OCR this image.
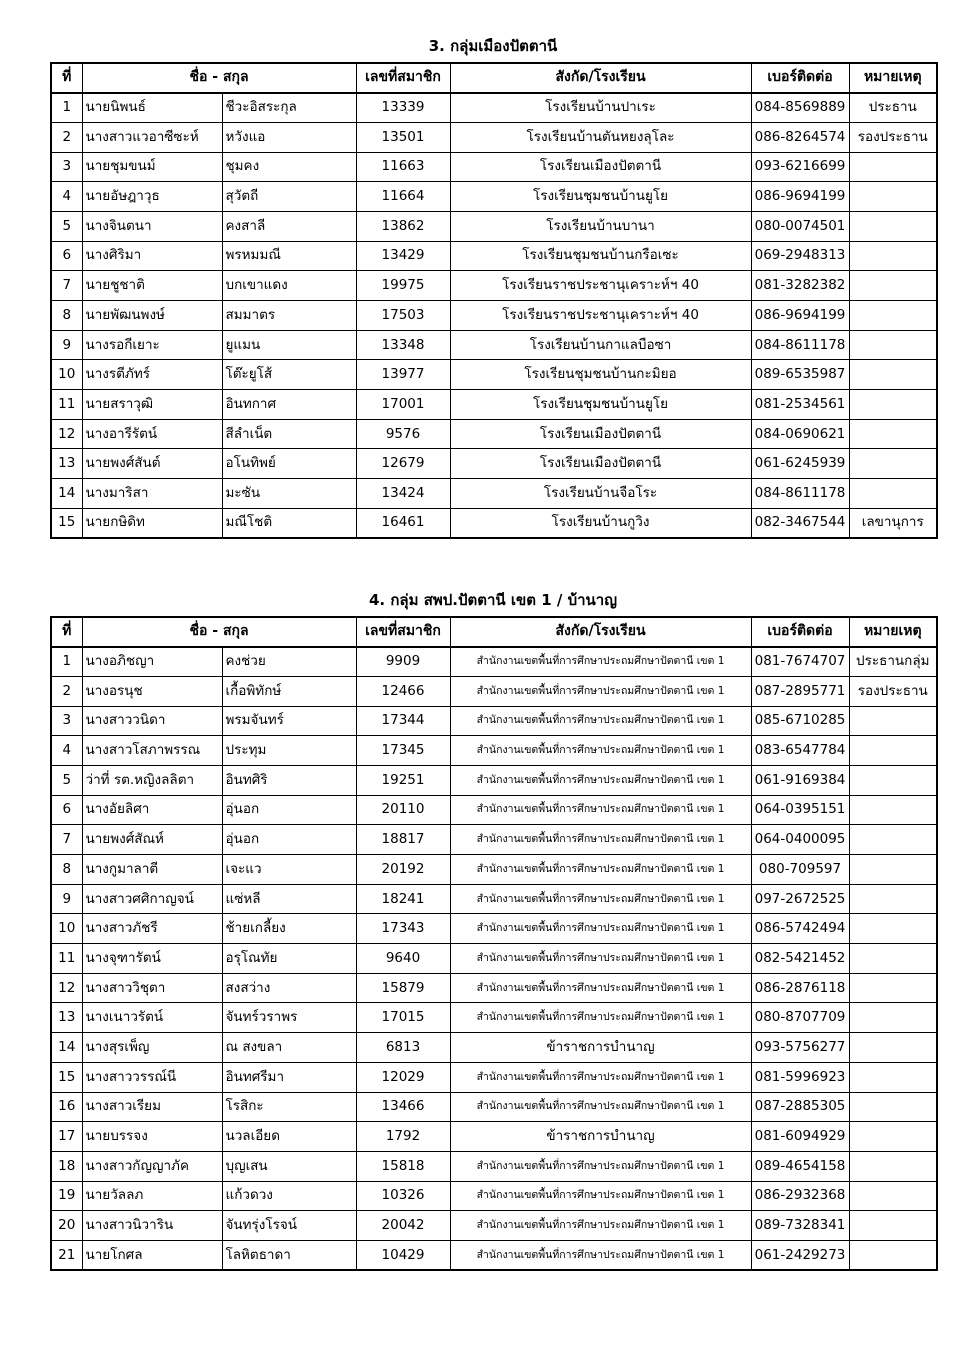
3. กลุ่มเมืองปัตตานี
ที่	ชื่อ - สกุล		เลขที่สมาชิก	สังกัด/โรงเรียน	เบอร์ติดต่อ	หมายเหตุ
1	นายนิพนธ์	ชีวะอิสระกุล	13339	โรงเรียนบ้านปาเระ	084-8569889	ประธาน
2	นางสาวแวอาซีซะห์	หวังแอ	13501	โรงเรียนบ้านตันหยงลุโละ	086-8264574	รองประธาน
3	นายชุมขนม์	ชุมคง	11663	โรงเรียนเมืองปัตตานี	093-6216699	
4	นายอัษฎาวุธ	สุวัตถี	11664	โรงเรียนชุมชนบ้านยูโย	086-9694199	
5	นางจินตนา	คงสาลี	13862	โรงเรียนบ้านบานา	080-0074501	
6	นางศิริมา	พรหมมณี	13429	โรงเรียนชุมชนบ้านกรือเซะ	069-2948313	
7	นายชูชาติ	บกเขาแดง	19975	โรงเรียนราชประชานุเคราะห์ฯ 40	081-3282382	
8	นายพัฒนพงษ์	สมมาตร	17503	โรงเรียนราชประชานุเคราะห์ฯ 40	086-9694199	
9	นางรอกีเยาะ	ยูแมน	13348	โรงเรียนบ้านกาแลบือซา	084-8611178	
10	นางรตีภัทร์	โต๊ะยูโส้	13977	โรงเรียนชุมชนบ้านกะมิยอ	089-6535987	
11	นายสราวุฒิ	อินทกาศ	17001	โรงเรียนชุมชนบ้านยูโย	081-2534561	
12	นางอารีรัตน์	สีลำเน็ต	9576	โรงเรียนเมืองปัตตานี	084-0690621	
13	นายพงศ์สันต์	อโนทิพย์	12679	โรงเรียนเมืองปัตตานี	061-6245939	
14	นางมาริสา	มะซัน	13424	โรงเรียนบ้านจือโระ	084-8611178	
15	นายกษิดิท	มณีโชติ	16461	โรงเรียนบ้านกูวิง	082-3467544	เลขานุการ
4. กลุ่ม สพป.ปัตตานี เขต 1 / บ้านาญ
ที่	ชื่อ - สกุล		เลขที่สมาชิก	สังกัด/โรงเรียน	เบอร์ติดต่อ	หมายเหตุ
1	นางอภิชญา	คงช่วย	9909	สำนักงานเขตพื้นที่การศึกษาประถมศึกษาปัตตานี เขต 1	081-7674707	ประธานกลุ่ม
2	นางอรนุช	เกื้อพิทักษ์	12466	สำนักงานเขตพื้นที่การศึกษาประถมศึกษาปัตตานี เขต 1	087-2895771	รองประธาน
3	นางสาววนิดา	พรมจันทร์	17344	สำนักงานเขตพื้นที่การศึกษาประถมศึกษาปัตตานี เขต 1	085-6710285	
4	นางสาวโสภาพรรณ	ประทุม	17345	สำนักงานเขตพื้นที่การศึกษาประถมศึกษาปัตตานี เขต 1	083-6547784	
5	ว่าที่ รต.หญิงลลิตา	อินทศิริ	19251	สำนักงานเขตพื้นที่การศึกษาประถมศึกษาปัตตานี เขต 1	061-9169384	
6	นางอัยลิศา	อุ่นอก	20110	สำนักงานเขตพื้นที่การศึกษาประถมศึกษาปัตตานี เขต 1	064-0395151	
7	นายพงศ์สัณห์	อุ่นอก	18817	สำนักงานเขตพื้นที่การศึกษาประถมศึกษาปัตตานี เขต 1	064-0400095	
8	นางกูมาลาตี	เจะแว	20192	สำนักงานเขตพื้นที่การศึกษาประถมศึกษาปัตตานี เขต 1	080-709597	
9	นางสาวศศิกาญจน์	แซ่หลี	18241	สำนักงานเขตพื้นที่การศึกษาประถมศึกษาปัตตานี เขต 1	097-2672525	
10	นางสาวภัชรี	ช้ายเกลี้ยง	17343	สำนักงานเขตพื้นที่การศึกษาประถมศึกษาปัตตานี เขต 1	086-5742494	
11	นางจุฑารัตน์	อรุโณทัย	9640	สำนักงานเขตพื้นที่การศึกษาประถมศึกษาปัตตานี เขต 1	082-5421452	
12	นางสาววิชุตา	สงสว่าง	15879	สำนักงานเขตพื้นที่การศึกษาประถมศึกษาปัตตานี เขต 1	086-2876118	
13	นางเนาวรัตน์	จันทร์วราพร	17015	สำนักงานเขตพื้นที่การศึกษาประถมศึกษาปัตตานี เขต 1	080-8707709	
14	นางสุรเพ็ญ	ณ สงขลา	6813	ข้าราชการบำนาญ	093-5756277	
15	นางสาววรรณ์นี	อินทศรีมา	12029	สำนักงานเขตพื้นที่การศึกษาประถมศึกษาปัตตานี เขต 1	081-5996923	
16	นางสาวเรียม	โรสิกะ	13466	สำนักงานเขตพื้นที่การศึกษาประถมศึกษาปัตตานี เขต 1	087-2885305	
17	นายบรรจง	นวลเอียด	1792	ข้าราชการบำนาญ	081-6094929	
18	นางสาวกัญญาภัค	บุญเสน	15818	สำนักงานเขตพื้นที่การศึกษาประถมศึกษาปัตตานี เขต 1	089-4654158	
19	นายวัลลภ	แก้วดวง	10326	สำนักงานเขตพื้นที่การศึกษาประถมศึกษาปัตตานี เขต 1	086-2932368	
20	นางสาวนิวาริน	จันทรุ่งโรจน์	20042	สำนักงานเขตพื้นที่การศึกษาประถมศึกษาปัตตานี เขต 1	089-7328341	
21	นายโกศล	โลหิตธาดา	10429	สำนักงานเขตพื้นที่การศึกษาประถมศึกษาปัตตานี เขต 1	061-2429273	
